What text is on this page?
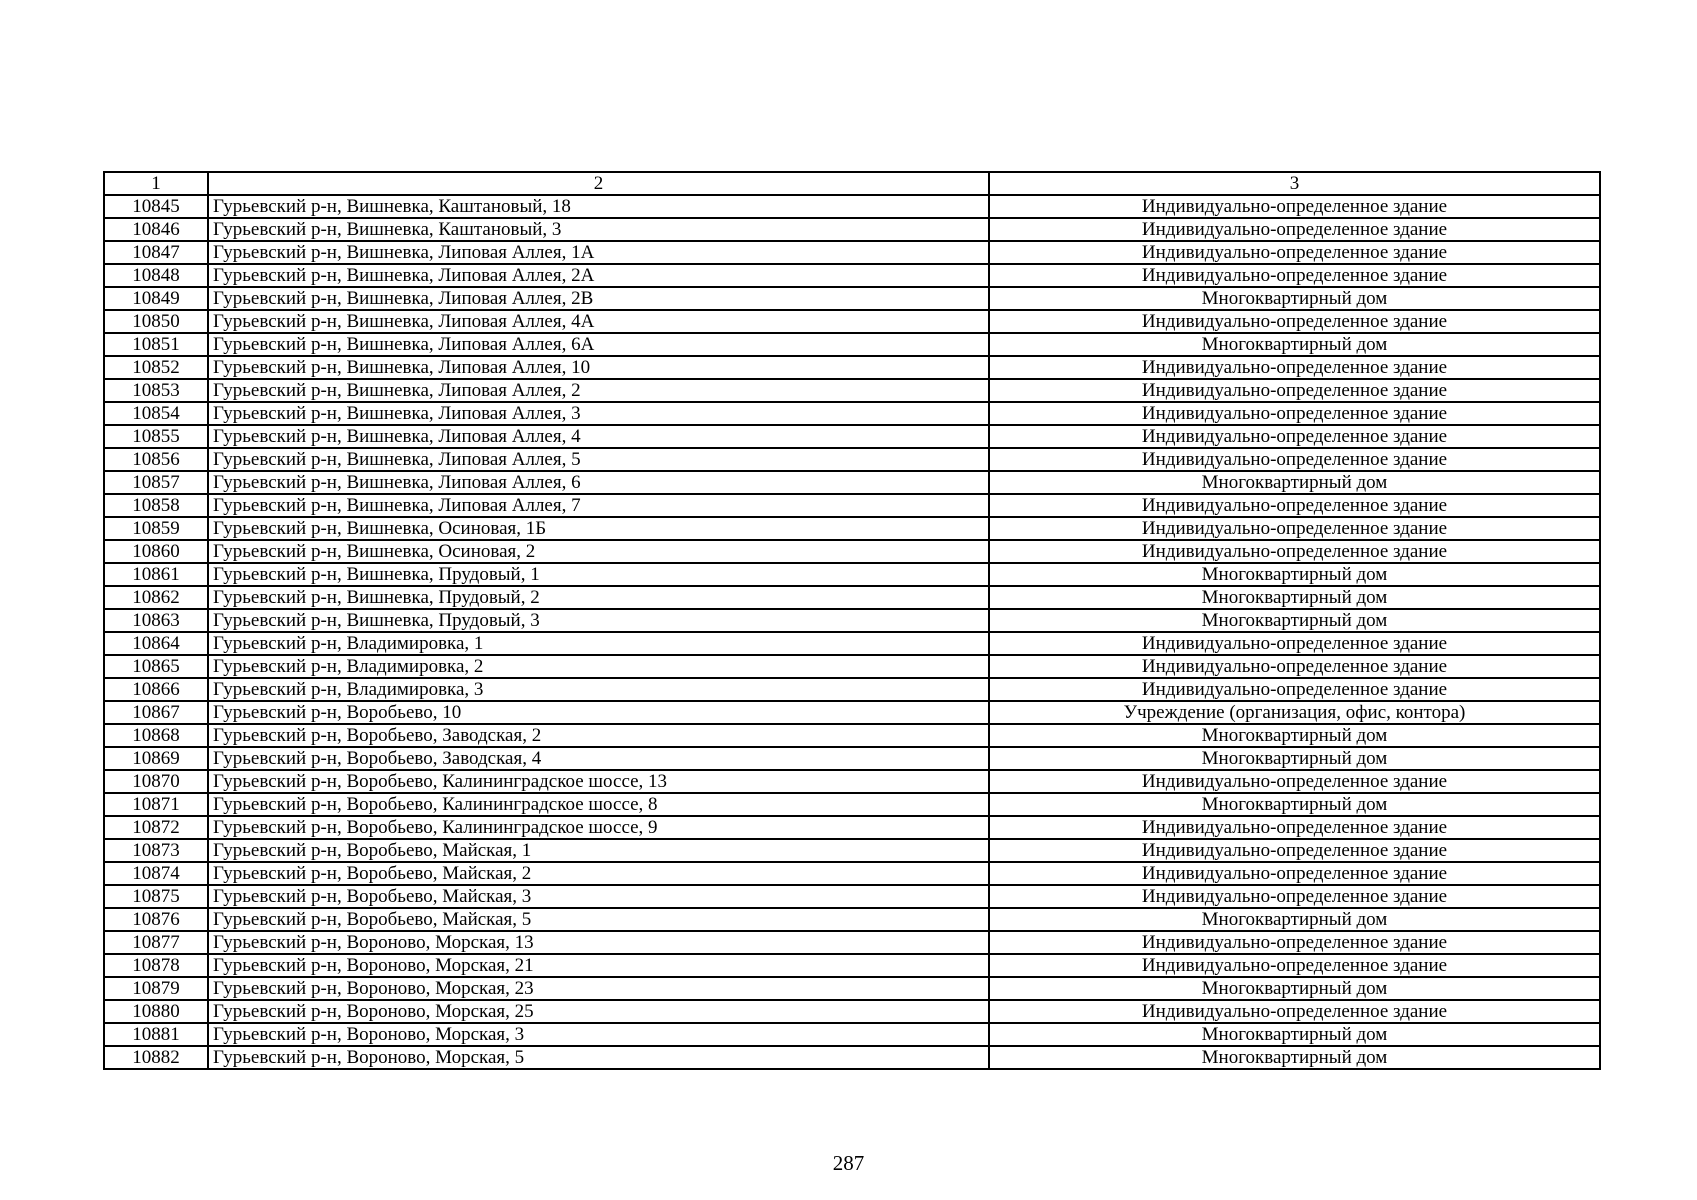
1	2	3
10845	Гурьевский р-н, Вишневка, Каштановый, 18	Индивидуально-определенное здание
10846	Гурьевский р-н, Вишневка, Каштановый, 3	Индивидуально-определенное здание
10847	Гурьевский р-н, Вишневка, Липовая Аллея, 1А	Индивидуально-определенное здание
10848	Гурьевский р-н, Вишневка, Липовая Аллея, 2А	Индивидуально-определенное здание
10849	Гурьевский р-н, Вишневка, Липовая Аллея, 2В	Многоквартирный дом
10850	Гурьевский р-н, Вишневка, Липовая Аллея, 4А	Индивидуально-определенное здание
10851	Гурьевский р-н, Вишневка, Липовая Аллея, 6А	Многоквартирный дом
10852	Гурьевский р-н, Вишневка, Липовая Аллея, 10	Индивидуально-определенное здание
10853	Гурьевский р-н, Вишневка, Липовая Аллея, 2	Индивидуально-определенное здание
10854	Гурьевский р-н, Вишневка, Липовая Аллея, 3	Индивидуально-определенное здание
10855	Гурьевский р-н, Вишневка, Липовая Аллея, 4	Индивидуально-определенное здание
10856	Гурьевский р-н, Вишневка, Липовая Аллея, 5	Индивидуально-определенное здание
10857	Гурьевский р-н, Вишневка, Липовая Аллея, 6	Многоквартирный дом
10858	Гурьевский р-н, Вишневка, Липовая Аллея, 7	Индивидуально-определенное здание
10859	Гурьевский р-н, Вишневка, Осиновая, 1Б	Индивидуально-определенное здание
10860	Гурьевский р-н, Вишневка, Осиновая, 2	Индивидуально-определенное здание
10861	Гурьевский р-н, Вишневка, Прудовый, 1	Многоквартирный дом
10862	Гурьевский р-н, Вишневка, Прудовый, 2	Многоквартирный дом
10863	Гурьевский р-н, Вишневка, Прудовый, 3	Многоквартирный дом
10864	Гурьевский р-н, Владимировка, 1	Индивидуально-определенное здание
10865	Гурьевский р-н, Владимировка, 2	Индивидуально-определенное здание
10866	Гурьевский р-н, Владимировка, 3	Индивидуально-определенное здание
10867	Гурьевский р-н, Воробьево, 10	Учреждение (организация, офис, контора)
10868	Гурьевский р-н, Воробьево, Заводская, 2	Многоквартирный дом
10869	Гурьевский р-н, Воробьево, Заводская, 4	Многоквартирный дом
10870	Гурьевский р-н, Воробьево, Калининградское шоссе, 13	Индивидуально-определенное здание
10871	Гурьевский р-н, Воробьево, Калининградское шоссе, 8	Многоквартирный дом
10872	Гурьевский р-н, Воробьево, Калининградское шоссе, 9	Индивидуально-определенное здание
10873	Гурьевский р-н, Воробьево, Майская, 1	Индивидуально-определенное здание
10874	Гурьевский р-н, Воробьево, Майская, 2	Индивидуально-определенное здание
10875	Гурьевский р-н, Воробьево, Майская, 3	Индивидуально-определенное здание
10876	Гурьевский р-н, Воробьево, Майская, 5	Многоквартирный дом
10877	Гурьевский р-н, Вороново, Морская, 13	Индивидуально-определенное здание
10878	Гурьевский р-н, Вороново, Морская, 21	Индивидуально-определенное здание
10879	Гурьевский р-н, Вороново, Морская, 23	Многоквартирный дом
10880	Гурьевский р-н, Вороново, Морская, 25	Индивидуально-определенное здание
10881	Гурьевский р-н, Вороново, Морская, 3	Многоквартирный дом
10882	Гурьевский р-н, Вороново, Морская, 5	Многоквартирный дом
287
